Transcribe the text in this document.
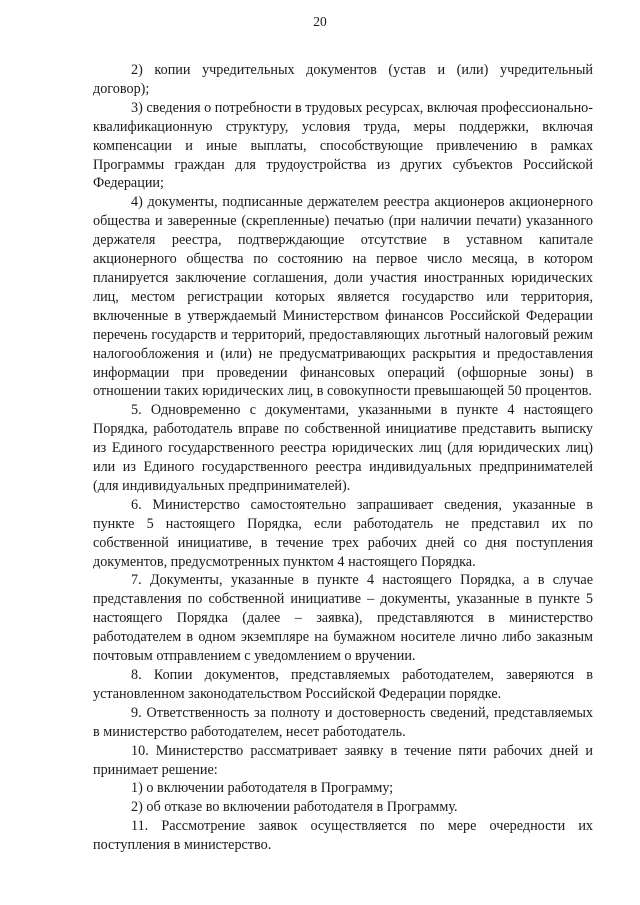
20

2) копии учредительных документов (устав и (или) учредительный договор);

3) сведения о потребности в трудовых ресурсах, включая профессионально-квалификационную структуру, условия труда, меры поддержки, включая компенсации и иные выплаты, способствующие привлечению в рамках Программы граждан для трудоустройства из других субъектов Российской Федерации;

4) документы, подписанные держателем реестра акционеров акционерного общества и заверенные (скрепленные) печатью (при наличии печати) указанного держателя реестра, подтверждающие отсутствие в уставном капитале акционерного общества по состоянию на первое число месяца, в котором планируется заключение соглашения, доли участия иностранных юридических лиц, местом регистрации которых является государство или территория, включенные в утверждаемый Министерством финансов Российской Федерации перечень государств и территорий, предоставляющих льготный налоговый режим налогообложения и (или) не предусматривающих раскрытия и предоставления информации при проведении финансовых операций (офшорные зоны) в отношении таких юридических лиц, в совокупности превышающей 50 процентов.

5. Одновременно с документами, указанными в пункте 4 настоящего Порядка, работодатель вправе по собственной инициативе представить выписку из Единого государственного реестра юридических лиц (для юридических лиц) или из Единого государственного реестра индивидуальных предпринимателей (для индивидуальных предпринимателей).

6. Министерство самостоятельно запрашивает сведения, указанные в пункте 5 настоящего Порядка, если работодатель не представил их по собственной инициативе, в течение трех рабочих дней со дня поступления документов, предусмотренных пунктом 4 настоящего Порядка.

7. Документы, указанные в пункте 4 настоящего Порядка, а в случае представления по собственной инициативе – документы, указанные в пункте 5 настоящего Порядка (далее – заявка), представляются в министерство работодателем в одном экземпляре на бумажном носителе лично либо заказным почтовым отправлением с уведомлением о вручении.

8. Копии документов, представляемых работодателем, заверяются в установленном законодательством Российской Федерации порядке.

9. Ответственность за полноту и достоверность сведений, представляемых в министерство работодателем, несет работодатель.

10. Министерство рассматривает заявку в течение пяти рабочих дней и принимает решение:

1) о включении работодателя в Программу;

2) об отказе во включении работодателя в Программу.

11. Рассмотрение заявок осуществляется по мере очередности их поступления в министерство.
